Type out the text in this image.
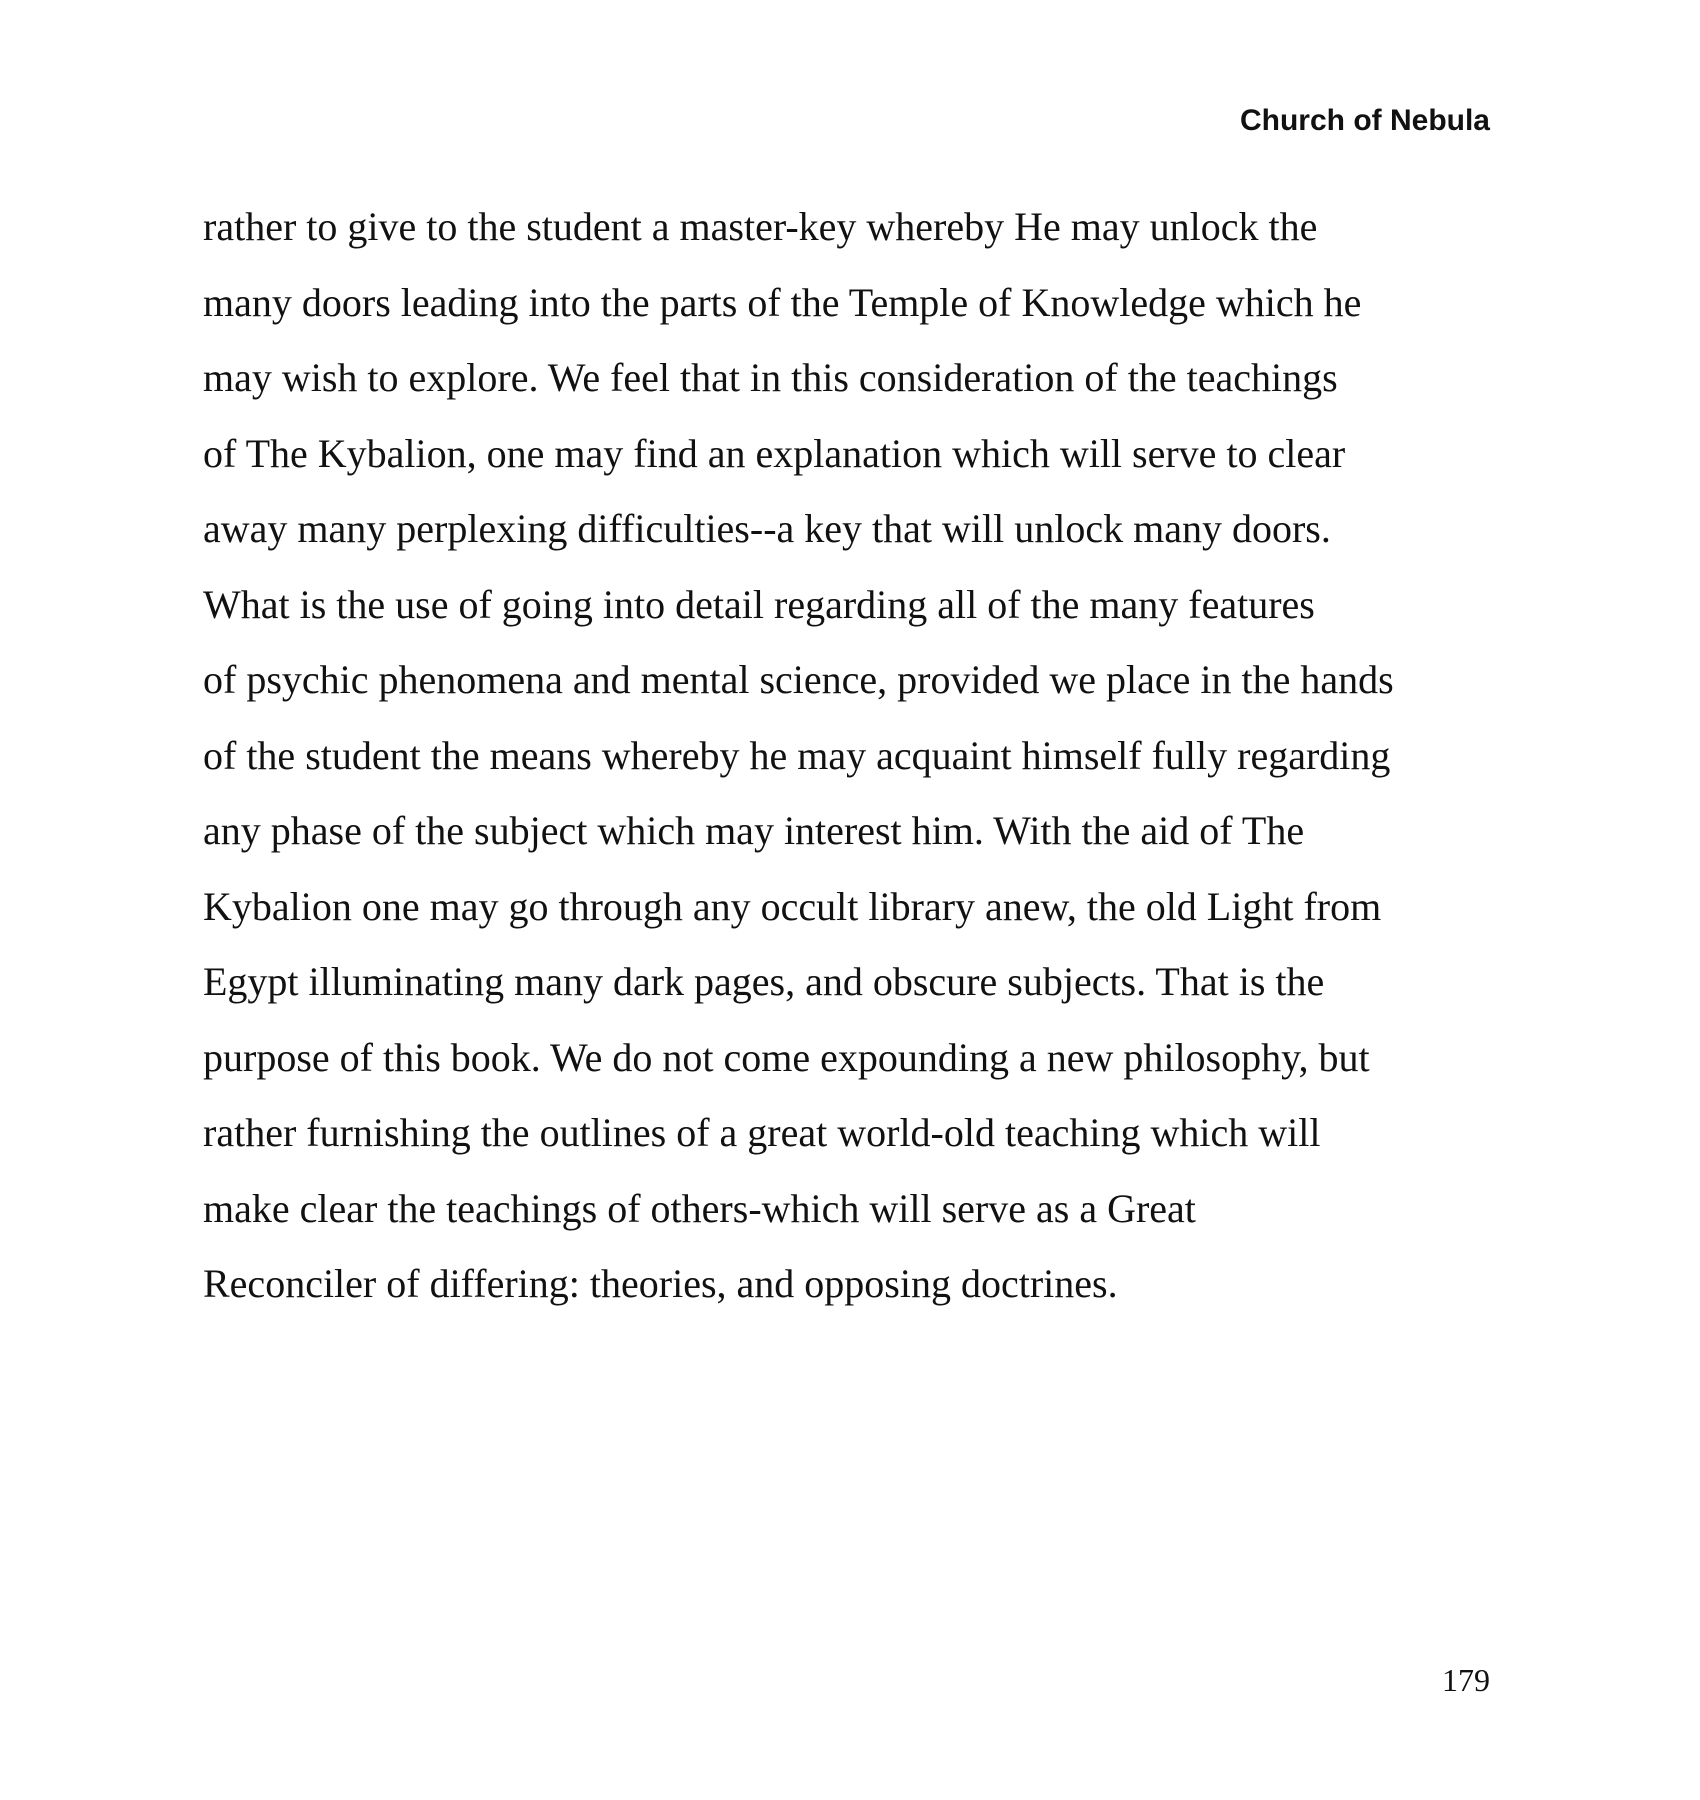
Church of Nebula
rather to give to the student a master-key whereby He may unlock the
many doors leading into the parts of the Temple of Knowledge which he
may wish to explore. We feel that in this consideration of the teachings
of The Kybalion, one may find an explanation which will serve to clear
away many perplexing difficulties--a key that will unlock many doors.
What is the use of going into detail regarding all of the many features
of psychic phenomena and mental science, provided we place in the hands
of the student the means whereby he may acquaint himself fully regarding
any phase of the subject which may interest him. With the aid of The
Kybalion one may go through any occult library anew, the old Light from
Egypt illuminating many dark pages, and obscure subjects. That is the
purpose of this book. We do not come expounding a new philosophy, but
rather furnishing the outlines of a great world-old teaching which will
make clear the teachings of others-which will serve as a Great
Reconciler of differing: theories, and opposing doctrines.
179
